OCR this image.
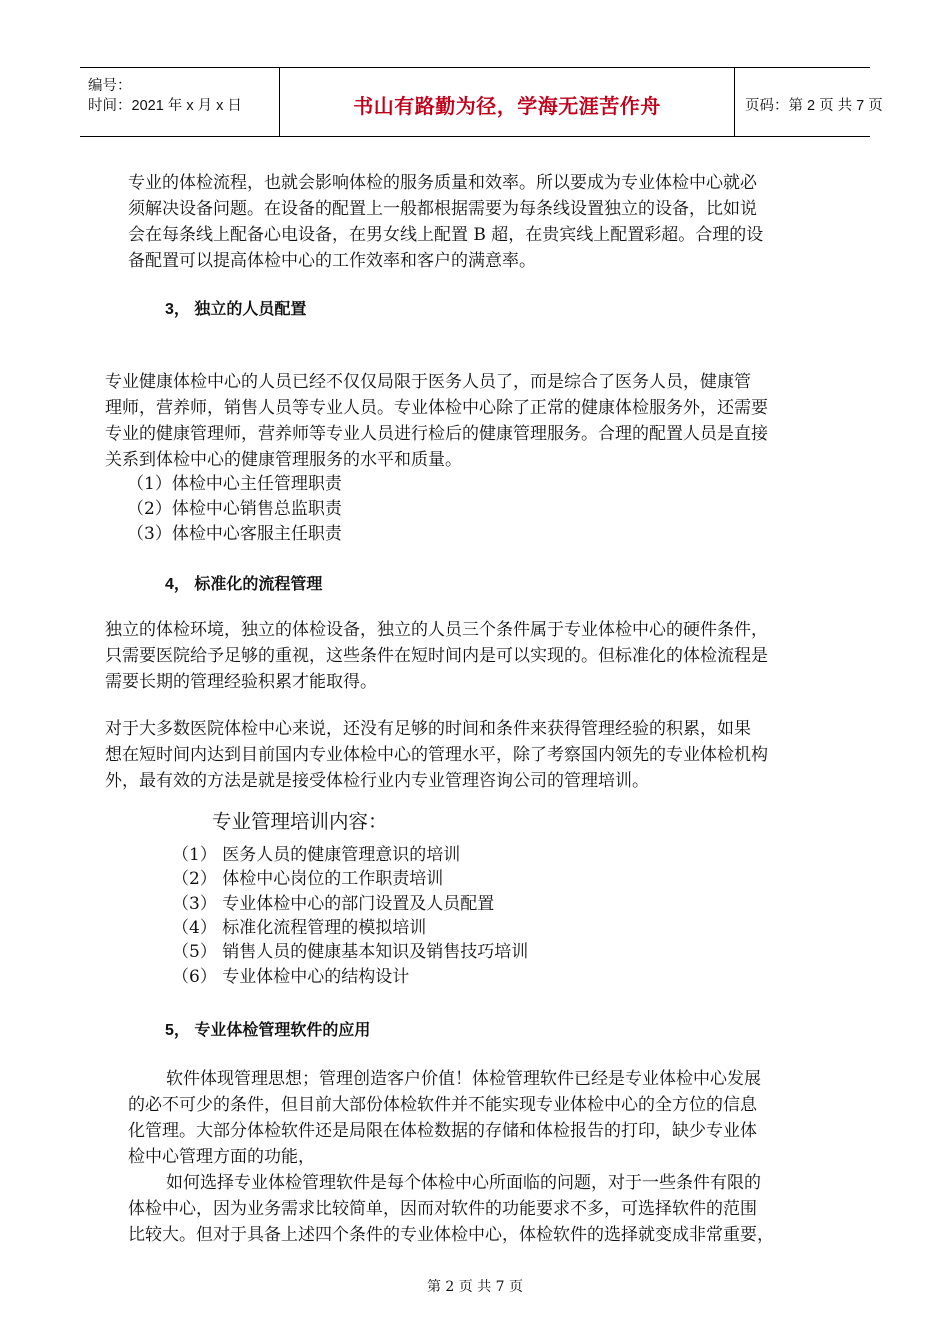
编号：
时间：2021 年 x 月 x 日	书山有路勤为径，学海无涯苦作舟	页码：第 2 页 共 7 页
专业的体检流程，也就会影响体检的服务质量和效率。所以要成为专业体检中心就必
须解决设备问题。在设备的配置上一般都根据需要为每条线设置独立的设备，比如说
会在每条线上配备心电设备，在男女线上配置 B 超，在贵宾线上配置彩超。合理的设
备配置可以提高体检中心的工作效率和客户的满意率。
3， 独立的人员配置
专业健康体检中心的人员已经不仅仅局限于医务人员了，而是综合了医务人员，健康管
理师，营养师，销售人员等专业人员。专业体检中心除了正常的健康体检服务外，还需要
专业的健康管理师，营养师等专业人员进行检后的健康管理服务。合理的配置人员是直接
关系到体检中心的健康管理服务的水平和质量。
（1）体检中心主任管理职责
（2）体检中心销售总监职责
（3）体检中心客服主任职责
4， 标准化的流程管理
独立的体检环境，独立的体检设备，独立的人员三个条件属于专业体检中心的硬件条件，
只需要医院给予足够的重视，这些条件在短时间内是可以实现的。但标准化的体检流程是
需要长期的管理经验积累才能取得。
对于大多数医院体检中心来说，还没有足够的时间和条件来获得管理经验的积累，如果
想在短时间内达到目前国内专业体检中心的管理水平，除了考察国内领先的专业体检机构
外，最有效的方法是就是接受体检行业内专业管理咨询公司的管理培训。
专业管理培训内容：
（1） 医务人员的健康管理意识的培训
（2） 体检中心岗位的工作职责培训
（3） 专业体检中心的部门设置及人员配置
（4） 标准化流程管理的模拟培训
（5） 销售人员的健康基本知识及销售技巧培训
（6） 专业体检中心的结构设计
5， 专业体检管理软件的应用
软件体现管理思想；管理创造客户价值！体检管理软件已经是专业体检中心发展
的必不可少的条件，但目前大部份体检软件并不能实现专业体检中心的全方位的信息
化管理。大部分体检软件还是局限在体检数据的存储和体检报告的打印，缺少专业体
检中心管理方面的功能，
如何选择专业体检管理软件是每个体检中心所面临的问题，对于一些条件有限的
体检中心，因为业务需求比较简单，因而对软件的功能要求不多，可选择软件的范围
比较大。但对于具备上述四个条件的专业体检中心，体检软件的选择就变成非常重要，
第 2 页 共 7 页
